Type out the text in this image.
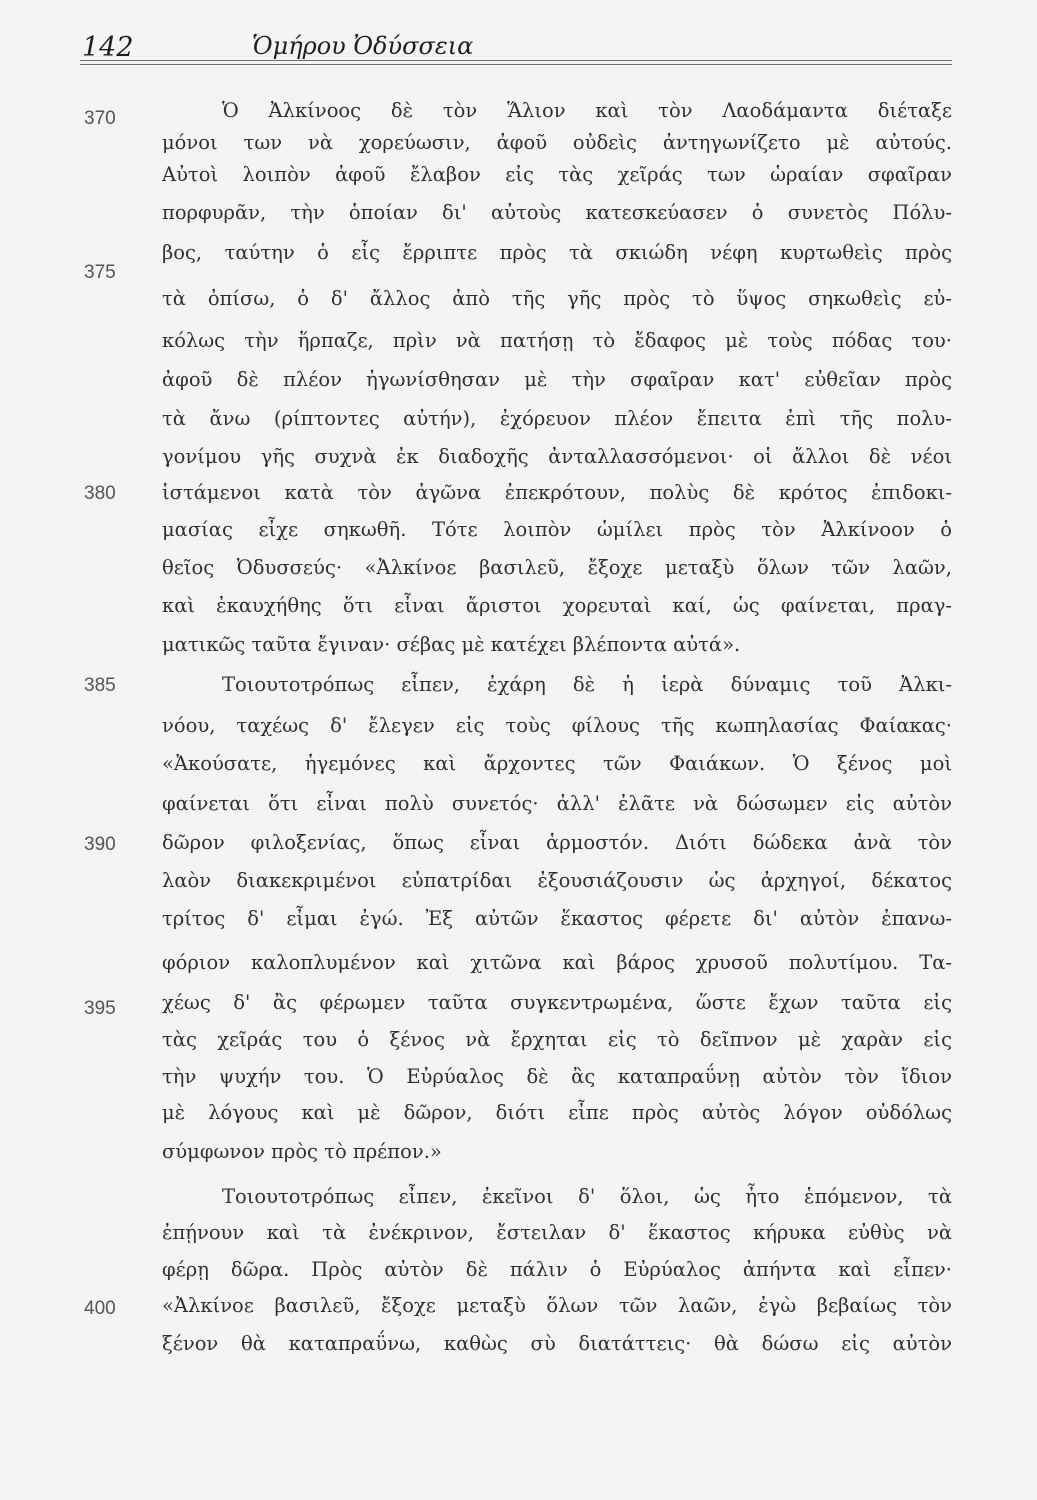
142	Ὁμήρου Ὀδύσσεια
370
375
380
385
390
395
400
Ὁ Ἀλκίνοος δὲ τὸν Ἅλιον καὶ τὸν Λαοδάμαντα διέταξε
μόνοι των νὰ χορεύωσιν, ἀφοῦ οὐδεὶς ἀντηγωνίζετο μὲ αὐτούς.
Αὐτοὶ λοιπὸν ἀφοῦ ἔλαβον εἰς τὰς χεῖράς των ὡραίαν σφαῖραν
πορφυρᾶν, τὴν ὁποίαν δι' αὐτοὺς κατεσκεύασεν ὁ συνετὸς Πόλυ-
βος, ταύτην ὁ εἷς ἔρριπτε πρὸς τὰ σκιώδη νέφη κυρτωθεὶς πρὸς
τὰ ὀπίσω, ὁ δ' ἄλλος ἀπὸ τῆς γῆς πρὸς τὸ ὕψος σηκωθεὶς εὐ-
κόλως τὴν ἥρπαζε, πρὶν νὰ πατήσῃ τὸ ἔδαφος μὲ τοὺς πόδας του·
ἀφοῦ δὲ πλέον ἠγωνίσθησαν μὲ τὴν σφαῖραν κατ' εὐθεῖαν πρὸς
τὰ ἄνω (ρίπτοντες αὐτήν), ἐχόρευον πλέον ἔπειτα ἐπὶ τῆς πολυ-
γονίμου γῆς συχνὰ ἐκ διαδοχῆς ἀνταλλασσόμενοι· οἱ ἄλλοι δὲ νέοι
ἱστάμενοι κατὰ τὸν ἀγῶνα ἐπεκρότουν, πολὺς δὲ κρότος ἐπιδοκι-
μασίας εἶχε σηκωθῆ. Τότε λοιπὸν ὡμίλει πρὸς τὸν Ἀλκίνοον ὁ
θεῖος Ὀδυσσεύς· «Ἀλκίνοε βασιλεῦ, ἔξοχε μεταξὺ ὅλων τῶν λαῶν,
καὶ ἐκαυχήθης ὅτι εἶναι ἄριστοι χορευταὶ καί, ὡς φαίνεται, πραγ-
ματικῶς ταῦτα ἔγιναν· σέβας μὲ κατέχει βλέποντα αὐτά».
Τοιουτοτρόπως εἶπεν, ἐχάρη δὲ ἡ ἱερὰ δύναμις τοῦ Ἀλκι-
νόου, ταχέως δ' ἔλεγεν εἰς τοὺς φίλους τῆς κωπηλασίας Φαίακας·
«Ἀκούσατε, ἡγεμόνες καὶ ἄρχοντες τῶν Φαιάκων. Ὁ ξένος μοὶ
φαίνεται ὅτι εἶναι πολὺ συνετός· ἀλλ' ἐλᾶτε νὰ δώσωμεν εἰς αὐτὸν
δῶρον φιλοξενίας, ὅπως εἶναι ἁρμοστόν. Διότι δώδεκα ἀνὰ τὸν
λαὸν διακεκριμένοι εὐπατρίδαι ἐξουσιάζουσιν ὡς ἀρχηγοί, δέκατος
τρίτος δ' εἶμαι ἐγώ. Ἐξ αὐτῶν ἕκαστος φέρετε δι' αὐτὸν ἐπανω-
φόριον καλοπλυμένον καὶ χιτῶνα καὶ βάρος χρυσοῦ πολυτίμου. Τα-
χέως δ' ἂς φέρωμεν ταῦτα συγκεντρωμένα, ὥστε ἔχων ταῦτα εἰς
τὰς χεῖράς του ὁ ξένος νὰ ἔρχηται εἰς τὸ δεῖπνον μὲ χαρὰν εἰς
τὴν ψυχήν του. Ὁ Εὐρύαλος δὲ ἂς καταπραΰνῃ αὐτὸν τὸν ἴδιον
μὲ λόγους καὶ μὲ δῶρον, διότι εἶπε πρὸς αὐτὸς λόγον οὐδόλως
σύμφωνον πρὸς τὸ πρέπον.»
Τοιουτοτρόπως εἶπεν, ἐκεῖνοι δ' ὅλοι, ὡς ἦτο ἑπόμενον, τὰ
ἐπῄνουν καὶ τὰ ἐνέκρινον, ἔστειλαν δ' ἕκαστος κήρυκα εὐθὺς νὰ
φέρῃ δῶρα. Πρὸς αὐτὸν δὲ πάλιν ὁ Εὐρύαλος ἀπήντα καὶ εἶπεν·
«Ἀλκίνοε βασιλεῦ, ἔξοχε μεταξὺ ὅλων τῶν λαῶν, ἐγὼ βεβαίως τὸν
ξένον θὰ καταπραΰνω, καθὼς σὺ διατάττεις· θὰ δώσω εἰς αὐτὸν
